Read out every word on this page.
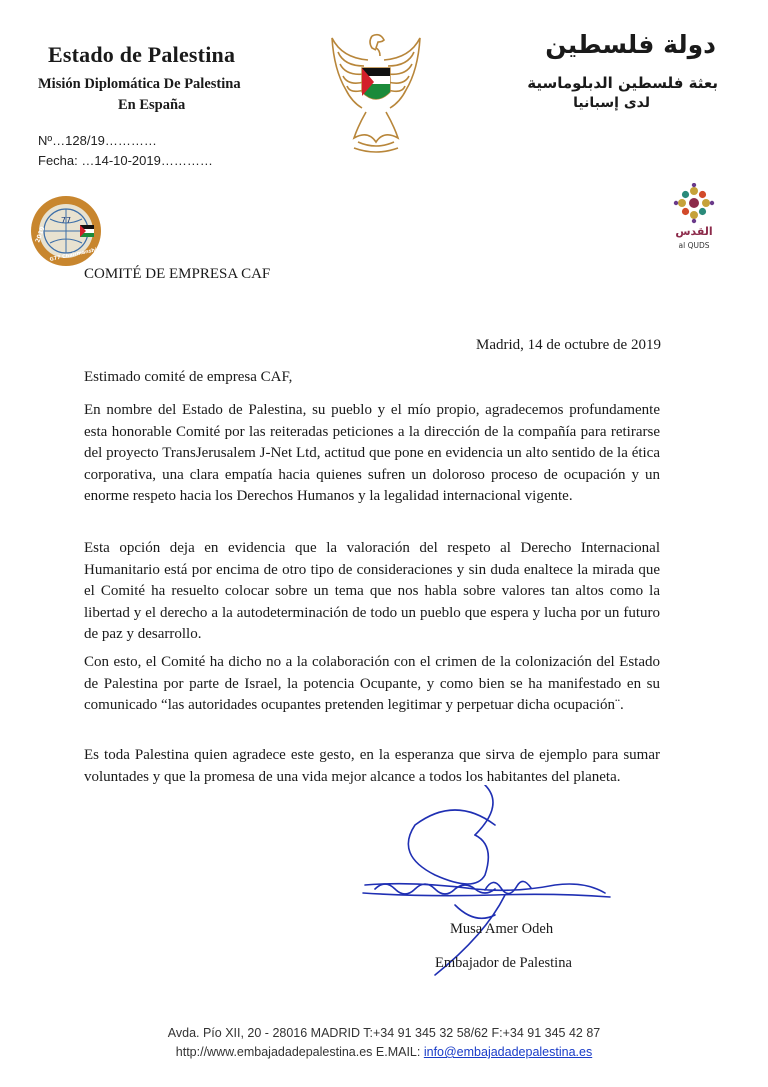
Estado de Palestina
Misión Diplomática De Palestina
En España
دولة فلسطين
بعثة فلسطين الدبلوماسية
لدى إسبانيا
Nº…128/19…………
Fecha: …14-10-2019…………
77
2019
G77 Chairmanship
القدس
al QUDS
COMITÉ DE EMPRESA CAF
Madrid, 14 de octubre de 2019
Estimado comité de empresa CAF,
En nombre del Estado de Palestina, su pueblo y el mío propio, agradecemos profundamente esta honorable Comité por las reiteradas peticiones a la dirección de la compañía para retirarse del proyecto TransJerusalem J-Net Ltd, actitud que pone en evidencia un alto sentido de la ética corporativa, una clara empatía hacia quienes sufren un doloroso proceso de ocupación y un enorme respeto hacia los Derechos Humanos y la legalidad internacional vigente.
Esta opción deja en evidencia que la valoración del respeto al Derecho Internacional Humanitario está por encima de otro tipo de consideraciones y sin duda enaltece la mirada que el Comité ha resuelto colocar sobre un tema que nos habla sobre valores tan altos como la libertad y el derecho a la autodeterminación de todo un pueblo que espera y lucha por un futuro de paz y desarrollo.
Con esto, el Comité ha dicho no a la colaboración con el crimen de la colonización del Estado de Palestina por parte de Israel, la potencia Ocupante, y como bien se ha manifestado en su comunicado “las autoridades ocupantes pretenden legitimar y perpetuar dicha ocupación¨.
Es toda Palestina quien agradece este gesto, en la esperanza que sirva de ejemplo para sumar voluntades y que la promesa de una vida mejor alcance a todos los habitantes del planeta.
Musa Amer Odeh
Embajador de Palestina
Avda. Pío XII, 20 - 28016 MADRID T:+34 91 345 32 58/62 F:+34 91 345 42 87
http://www.embajadadepalestina.es E.MAIL: info@embajadadepalestina.es
